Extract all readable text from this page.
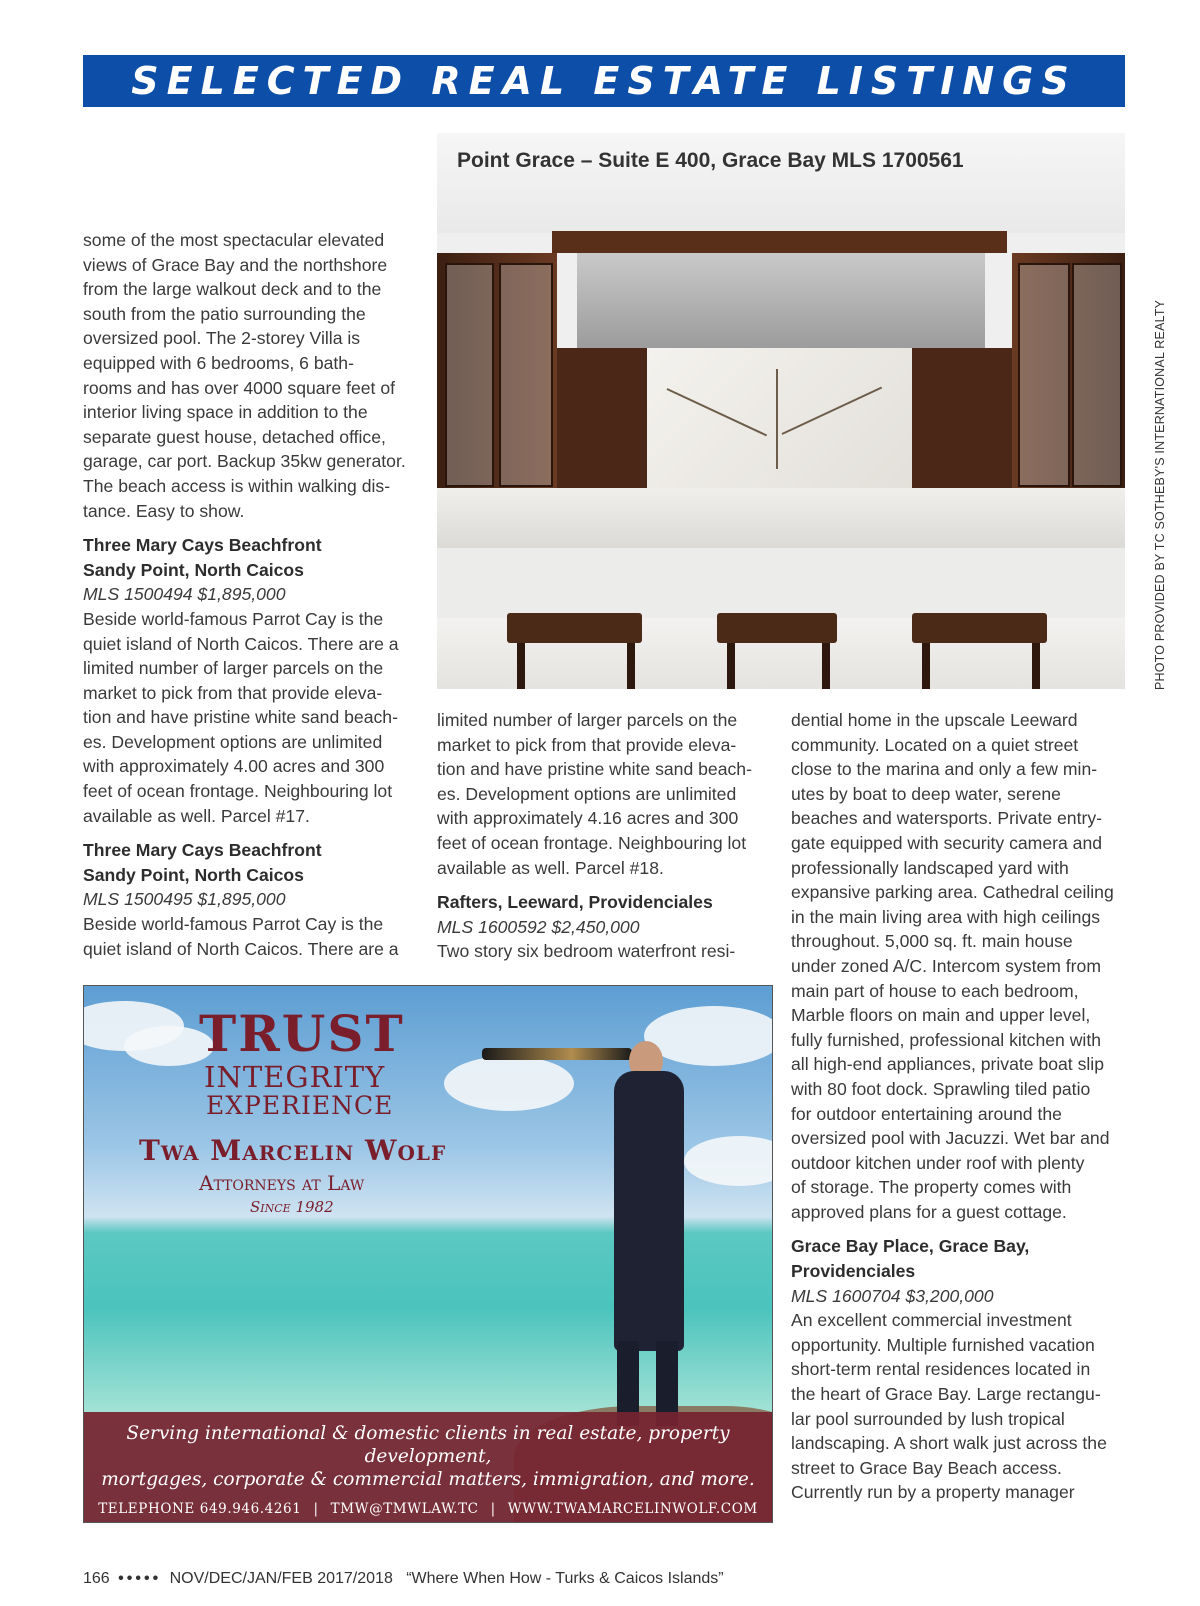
SELECTED REAL ESTATE LISTINGS

some of the most spectacular elevated

views of Grace Bay and the northshore

from the large walkout deck and to the

south from the patio surrounding the

oversized pool. The 2-storey Villa is

equipped with 6 bedrooms, 6 bath-

rooms and has over 4000 square feet of

interior living space in addition to the

separate guest house, detached office,

garage, car port. Backup 35kw generator.

The beach access is within walking dis-

tance. Easy to show.

Three Mary Cays Beachfront

Sandy Point, North Caicos

MLS 1500494 $1,895,000

Beside world-famous Parrot Cay is the

quiet island of North Caicos. There are a

limited number of larger parcels on the

market to pick from that provide eleva-

tion and have pristine white sand beach-

es. Development options are unlimited

with approximately 4.00 acres and 300

feet of ocean frontage. Neighbouring lot

available as well. Parcel #17.

Three Mary Cays Beachfront

Sandy Point, North Caicos

MLS 1500495 $1,895,000

Beside world-famous Parrot Cay is the

quiet island of North Caicos. There are a

Point Grace – Suite E 400, Grace Bay MLS 1700561
PHOTO PROVIDED BY TC SOTHEBY'S INTERNATIONAL REALTY

limited number of larger parcels on the

market to pick from that provide eleva-

tion and have pristine white sand beach-

es. Development options are unlimited

with approximately 4.16 acres and 300

feet of ocean frontage. Neighbouring lot

available as well. Parcel #18.

Rafters, Leeward, Providenciales

MLS 1600592 $2,450,000

Two story six bedroom waterfront resi-

dential home in the upscale Leeward

community. Located on a quiet street

close to the marina and only a few min-

utes by boat to deep water, serene

beaches and watersports. Private entry-

gate equipped with security camera and

professionally landscaped yard with

expansive parking area. Cathedral ceiling

in the main living area with high ceilings

throughout. 5,000 sq. ft. main house

under zoned A/C. Intercom system from

main part of house to each bedroom,

Marble floors on main and upper level,

fully furnished, professional kitchen with

all high-end appliances, private boat slip

with 80 foot dock. Sprawling tiled patio

for outdoor entertaining around the

oversized pool with Jacuzzi. Wet bar and

outdoor kitchen under roof with plenty

of storage. The property comes with

approved plans for a guest cottage.

Grace Bay Place, Grace Bay,

Providenciales

MLS 1600704 $3,200,000

An excellent commercial investment

opportunity. Multiple furnished vacation

short-term rental residences located in

the heart of Grace Bay. Large rectangu-

lar pool surrounded by lush tropical

landscaping. A short walk just across the

street to Grace Bay Beach access.

Currently run by a property manager

TRUST
INTEGRITY
EXPERIENCE
Twa Marcelin Wolf
Attorneys at Law
Since 1982
Serving international & domestic clients in real estate, property development,
mortgages, corporate & commercial matters, immigration, and more.
TELEPHONE 649.946.4261 | TMW@TMWLAW.TC | WWW.TWAMARCELINWOLF.COM
166 ••••• NOV/DEC/JAN/FEB 2017/2018 “Where When How - Turks & Caicos Islands”
